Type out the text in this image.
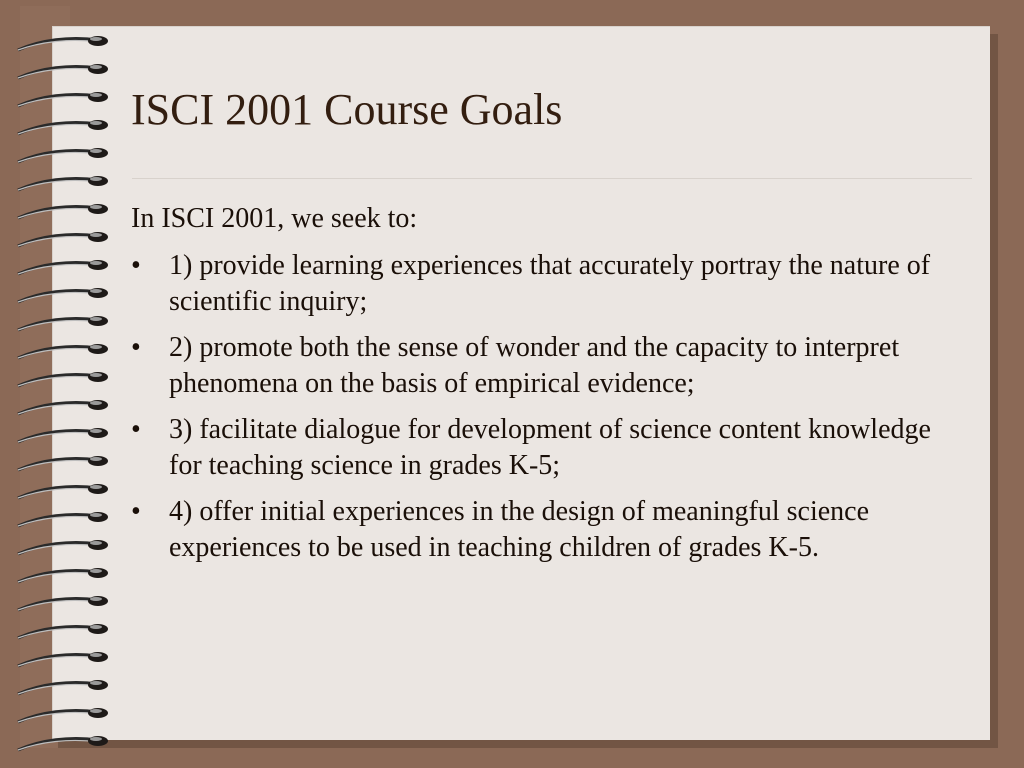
ISCI 2001 Course Goals
In ISCI 2001, we seek to:
•	1) provide learning experiences that accurately portray the nature of scientific inquiry;
•	2) promote both the sense of wonder and the capacity to interpret phenomena on the basis of empirical evidence;
•	3) facilitate dialogue for development of science content knowledge for teaching science in grades K-5;
•	4) offer initial experiences in the design of meaningful science experiences to be used in teaching children of grades K-5.
